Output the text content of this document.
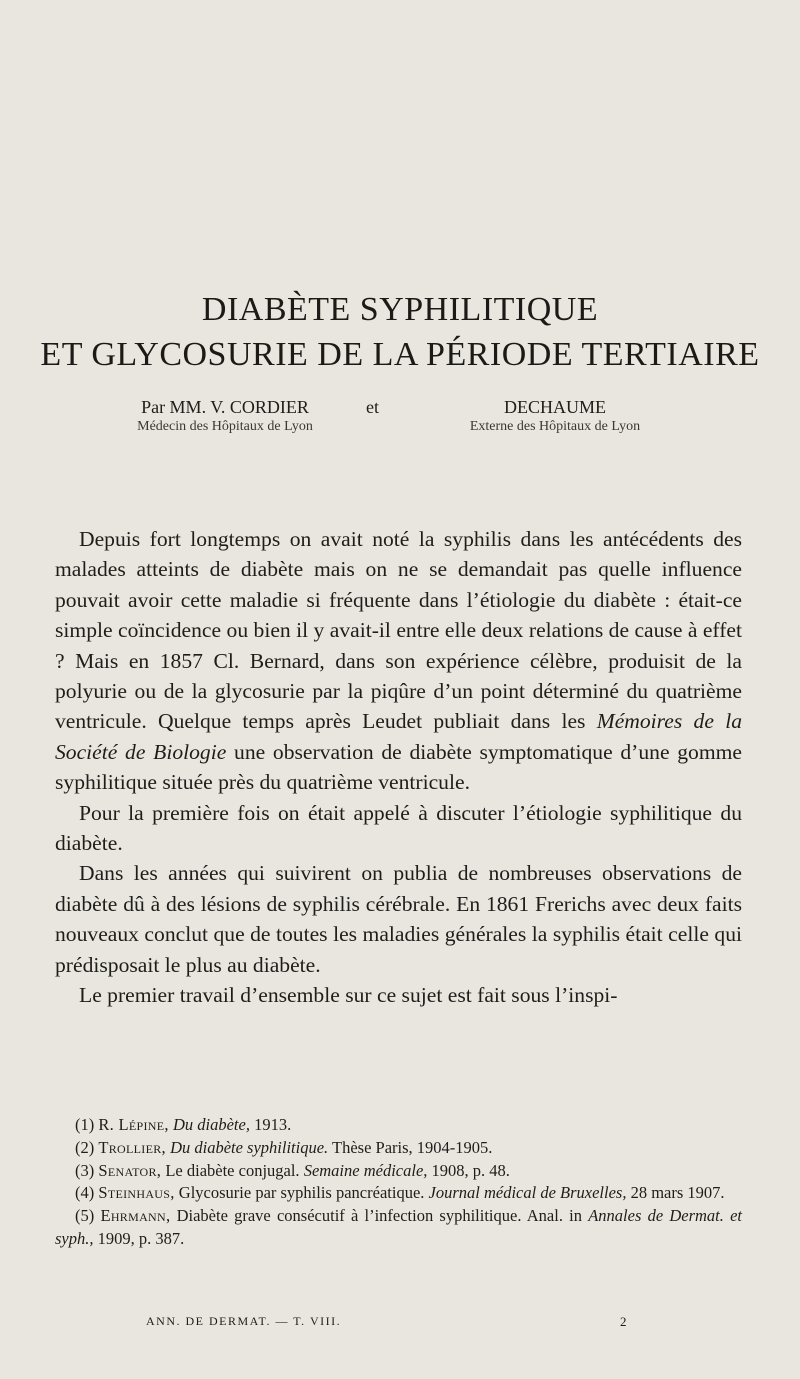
DIABÈTE SYPHILITIQUE
ET GLYCOSURIE DE LA PÉRIODE TERTIAIRE
Par MM. V. CORDIER
Médecin des Hôpitaux de Lyon
et	DECHAUME
Externe des Hôpitaux de Lyon

Depuis fort longtemps on avait noté la syphilis dans les antécédents des malades atteints de diabète mais on ne se demandait pas quelle influence pouvait avoir cette maladie si fréquente dans l’étiologie du diabète : était-ce simple coïncidence ou bien il y avait-il entre elle deux relations de cause à effet ? Mais en 1857 Cl. Bernard, dans son expérience célèbre, produisit de la polyurie ou de la glycosurie par la piqûre d’un point déterminé du quatrième ventricule. Quelque temps après Leudet publiait dans les Mémoires de la Société de Biologie une observation de diabète symptomatique d’une gomme syphilitique située près du quatrième ventricule.

Pour la première fois on était appelé à discuter l’étiologie syphilitique du diabète.

Dans les années qui suivirent on publia de nombreuses observations de diabète dû à des lésions de syphilis cérébrale. En 1861 Frerichs avec deux faits nouveaux conclut que de toutes les maladies générales la syphilis était celle qui prédisposait le plus au diabète.

Le premier travail d’ensemble sur ce sujet est fait sous l’inspi-

(1) R. Lépine, Du diabète, 1913.

(2) Trollier, Du diabète syphilitique. Thèse Paris, 1904-1905.

(3) Senator, Le diabète conjugal. Semaine médicale, 1908, p. 48.

(4) Steinhaus, Glycosurie par syphilis pancréatique. Journal médical de Bruxelles, 28 mars 1907.

(5) Ehrmann, Diabète grave consécutif à l’infection syphilitique. Anal. in Annales de Dermat. et syph., 1909, p. 387.

ANN. DE DERMAT. — T. VIII.	2
